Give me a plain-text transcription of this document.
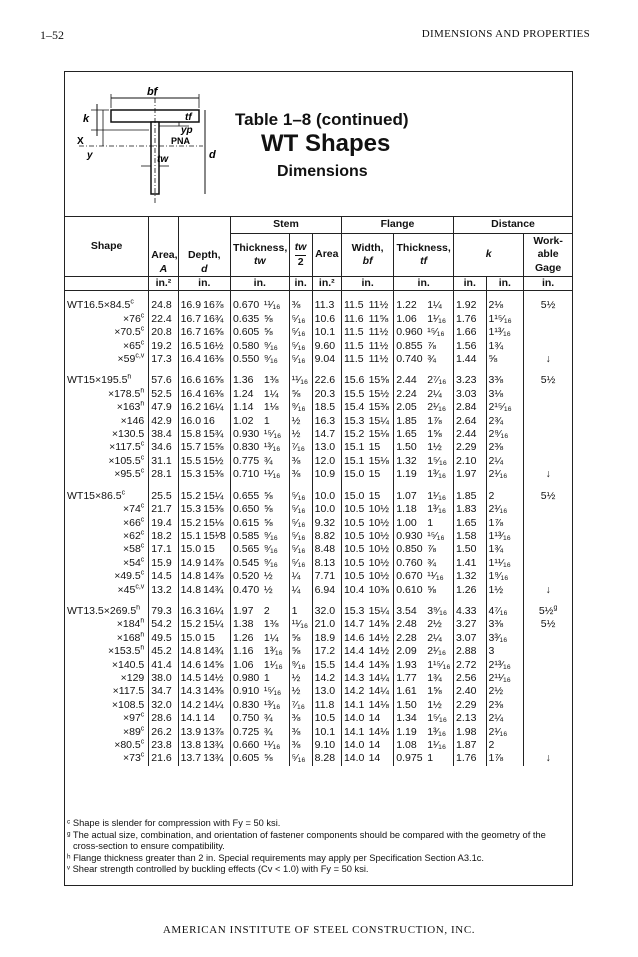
1–52	DIMENSIONS AND PROPERTIES
bf
k	tf
yp
PNA
d
X
tw
y
Table 1–8 (continued)
WT Shapes
Dimensions
Shape	Area,
A	Depth,
d		Stem				Flange				Distance		
				Thickness,
tw		tw
2	Area	Width,
bf		Thickness,
tf		k		Work-
able
Gage

	in.²	in.		in.		in.	in.²	in.		in.		in.	in.	in.

WT16.5×84.5$^c$	24.8	16.9	16⅞	0.670	¹¹⁄₁₆	⅜	11.3	11.5	11½	1.22	1¼	1.92	2⅛	5½
$\times 76^c$	22.4	16.7	16¾	0.635	⅝	⁵⁄₁₆	10.6	11.6	11⅝	1.06	1¹⁄₁₆	1.76	1¹⁵⁄₁₆	
×70.5$^c$	20.8	16.7	16⅝	0.605	⅝	⁵⁄₁₆	10.1	11.5	11½	0.960	¹⁵⁄₁₆	1.66	1¹³⁄₁₆	
$\times 65^c$	19.2	16.5	16½	0.580	⁹⁄₁₆	⁵⁄₁₆	9.60	11.5	11½	0.855	⅞	1.56	1¾	
$\times 59^{c,v}$	17.3	16.4	16⅜	0.550	⁹⁄₁₆	⁵⁄₁₆	9.04	11.5	11½	0.740	¾	1.44	⅝	↓

WT15×195.5$^h$	57.6	16.6	16⅝	1.36	1⅜	¹¹⁄₁₆	22.6	15.6	15⅝	2.44	2⁷⁄₁₆	3.23	3⅜	5½
×178.5$^h$	52.5	16.4	16⅜	1.24	1¼	⅝	20.3	15.5	15½	2.24	2¼	3.03	3⅛	
$\times 163^h$	47.9	16.2	16¼	1.14	1⅛	⁹⁄₁₆	18.5	15.4	15⅜	2.05	2¹⁄₁₆	2.84	2¹⁵⁄₁₆	
×146	42.9	16.0	16	1.02	1	½	16.3	15.3	15¼	1.85	1⅞	2.64	2¾	
×130.5	38.4	15.8	15¾	0.930	¹⁵⁄₁₆	½	14.7	15.2	15⅛	1.65	1⅝	2.44	2⁹⁄₁₆	
×117.5$^c$	34.6	15.7	15⅝	0.830	¹³⁄₁₆	⁷⁄₁₆	13.0	15.1	15	1.50	1½	2.29	2⅜	
×105.5$^c$	31.1	15.5	15½	0.775	¾	⅜	12.0	15.1	15⅛	1.32	1⁵⁄₁₆	2.10	2¼	
×95.5$^c$	28.1	15.3	15⅜	0.710	¹¹⁄₁₆	⅜	10.9	15.0	15	1.19	1³⁄₁₆	1.97	2¹⁄₁₆	↓

WT15×86.5$^c$	25.5	15.2	15¼	0.655	⅝	⁵⁄₁₆	10.0	15.0	15	1.07	1¹⁄₁₆	1.85	2	5½
$\times 74^c$	21.7	15.3	15⅜	0.650	⅝	⁵⁄₁₆	10.0	10.5	10½	1.18	1³⁄₁₆	1.83	2¹⁄₁₆	
$\times 66^c$	19.4	15.2	15⅛	0.615	⅝	⁵⁄₁₆	9.32	10.5	10½	1.00	1	1.65	1⅞	
$\times 62^c$	18.2	15.1	15¹⁄8	0.585	⁹⁄₁₆	⁵⁄₁₆	8.82	10.5	10½	0.930	¹⁵⁄₁₆	1.58	1¹³⁄₁₆	
$\times 58^c$	17.1	15.0	15	0.565	⁹⁄₁₆	⁵⁄₁₆	8.48	10.5	10½	0.850	⅞	1.50	1¾	
$\times 54^c$	15.9	14.9	14⅞	0.545	⁹⁄₁₆	⁵⁄₁₆	8.13	10.5	10½	0.760	¾	1.41	1¹¹⁄₁₆	
×49.5$^c$	14.5	14.8	14⅞	0.520	½	¼	7.71	10.5	10½	0.670	¹¹⁄₁₆	1.32	1⁹⁄₁₆	
$\times 45^{c,v}$	13.2	14.8	14¾	0.470	½	¼	6.94	10.4	10⅜	0.610	⅝	1.26	1½	↓

WT13.5×269.5$^h$	79.3	16.3	16¼	1.97	2	1	32.0	15.3	15¼	3.54	3⁹⁄₁₆	4.33	4⁷⁄₁₆	5½$^g$
$\times 184^h$	54.2	15.2	15¼	1.38	1⅜	¹¹⁄₁₆	21.0	14.7	14⅝	2.48	2½	3.27	3⅜	5½
$\times 168^h$	49.5	15.0	15	1.26	1¼	⅝	18.9	14.6	14½	2.28	2¼	3.07	3³⁄₁₆	
×153.5$^h$	45.2	14.8	14¾	1.16	1³⁄₁₆	⅝	17.2	14.4	14½	2.09	2¹⁄₁₆	2.88	3	
×140.5	41.4	14.6	14⅝	1.06	1¹⁄₁₆	⁹⁄₁₆	15.5	14.4	14⅜	1.93	1¹⁵⁄₁₆	2.72	2¹³⁄₁₆	
×129	38.0	14.5	14½	0.980	1	½	14.2	14.3	14¼	1.77	1¾	2.56	2¹¹⁄₁₆	
×117.5	34.7	14.3	14⅜	0.910	¹⁵⁄₁₆	½	13.0	14.2	14¼	1.61	1⅝	2.40	2½	
×108.5	32.0	14.2	14¼	0.830	¹³⁄₁₆	⁷⁄₁₆	11.8	14.1	14⅛	1.50	1½	2.29	2⅜	
$\times 97^c$	28.6	14.1	14	0.750	¾	⅜	10.5	14.0	14	1.34	1⁵⁄₁₆	2.13	2¼	
$\times 89^c$	26.2	13.9	13⅞	0.725	¾	⅜	10.1	14.1	14⅛	1.19	1³⁄₁₆	1.98	2¹⁄₁₆	
×80.5$^c$	23.8	13.8	13¾	0.660	¹¹⁄₁₆	⅜	9.10	14.0	14	1.08	1¹⁄₁₆	1.87	2	
$\times 73^c$	21.6	13.7	13¾	0.605	⅝	⁵⁄₁₆	8.28	14.0	14	0.975	1	1.76	1⅞	↓
ᶜ Shape is slender for compression with Fy = 50 ksi.
ᵍ The actual size, combination, and orientation of fastener components should be compared with the geometry of the
cross-section to ensure compatibility.
ʰ Flange thickness greater than 2 in. Special requirements may apply per Specification Section A3.1c.
ᵛ Shear strength controlled by buckling effects (Cv < 1.0) with Fy = 50 ksi.
AMERICAN INSTITUTE OF STEEL CONSTRUCTION, INC.
